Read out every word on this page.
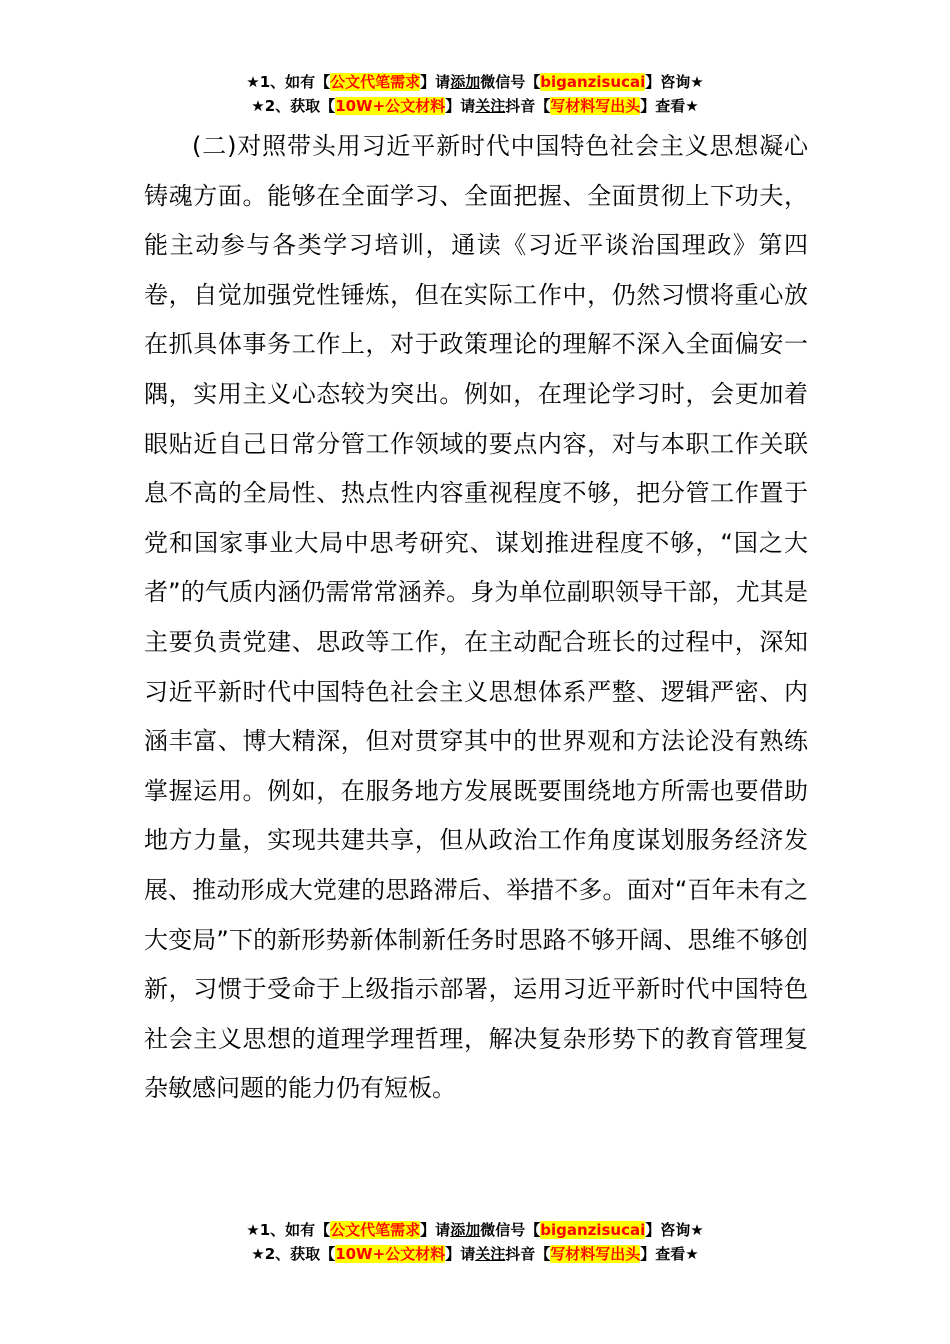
★1、如有【公文代笔需求】请添加微信号【biganzisucai】咨询★
★2、获取【10W+公文材料】请关注抖音【写材料写出头】查看★

(二)对照带头用习近平新时代中国特色社会主义思想凝心铸魂方面。能够在全面学习、全面把握、全面贯彻上下功夫，能主动参与各类学习培训，通读《习近平谈治国理政》第四卷，自觉加强党性锤炼，但在实际工作中，仍然习惯将重心放在抓具体事务工作上，对于政策理论的理解不深入全面偏安一隅，实用主义心态较为突出。例如，在理论学习时，会更加着眼贴近自己日常分管工作领域的要点内容，对与本职工作关联息不高的全局性、热点性内容重视程度不够，把分管工作置于党和国家事业大局中思考研究、谋划推进程度不够，“国之大者”的气质内涵仍需常常涵养。身为单位副职领导干部，尤其是主要负责党建、思政等工作，在主动配合班长的过程中，深知习近平新时代中国特色社会主义思想体系严整、逻辑严密、内涵丰富、博大精深，但对贯穿其中的世界观和方法论没有熟练掌握运用。例如，在服务地方发展既要围绕地方所需也要借助地方力量，实现共建共享，但从政治工作角度谋划服务经济发展、推动形成大党建的思路滞后、举措不多。面对“百年未有之大变局”下的新形势新体制新任务时思路不够开阔、思维不够创新，习惯于受命于上级指示部署，运用习近平新时代中国特色社会主义思想的道理学理哲理，解决复杂形势下的教育管理复杂敏感问题的能力仍有短板。

★1、如有【公文代笔需求】请添加微信号【biganzisucai】咨询★
★2、获取【10W+公文材料】请关注抖音【写材料写出头】查看★
